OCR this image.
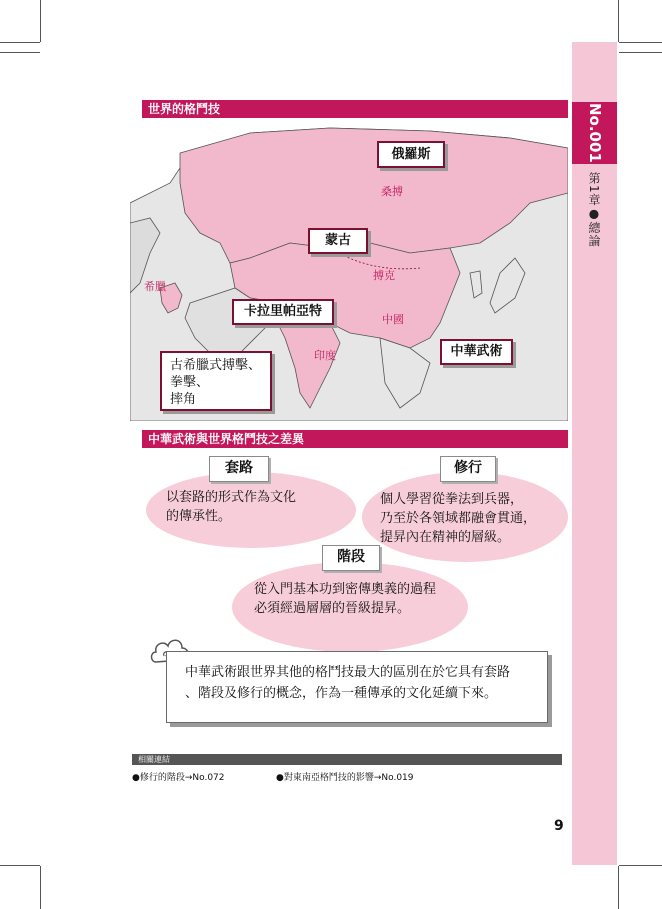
No.001
第1章●總論
世界的格鬥技
桑搏
搏克
中國
印度
希臘
俄羅斯
蒙古
卡拉里帕亞特
中華武術
古希臘式搏擊、
拳擊、
摔角
中華武術與世界格鬥技之差異
以套路的形式作為文化
的傳承性。
套路
個人學習從拳法到兵器，
乃至於各領域都融會貫通，
提昇內在精神的層級。
修行
從入門基本功到密傳奧義的過程
必須經過層層的晉級提昇。
階段
中華武術跟世界其他的格鬥技最大的區別在於它具有套路
、階段及修行的概念，作為一種傳承的文化延續下來。
相關連結
●修行的階段→No.072	●對東南亞格鬥技的影響→No.019
9
